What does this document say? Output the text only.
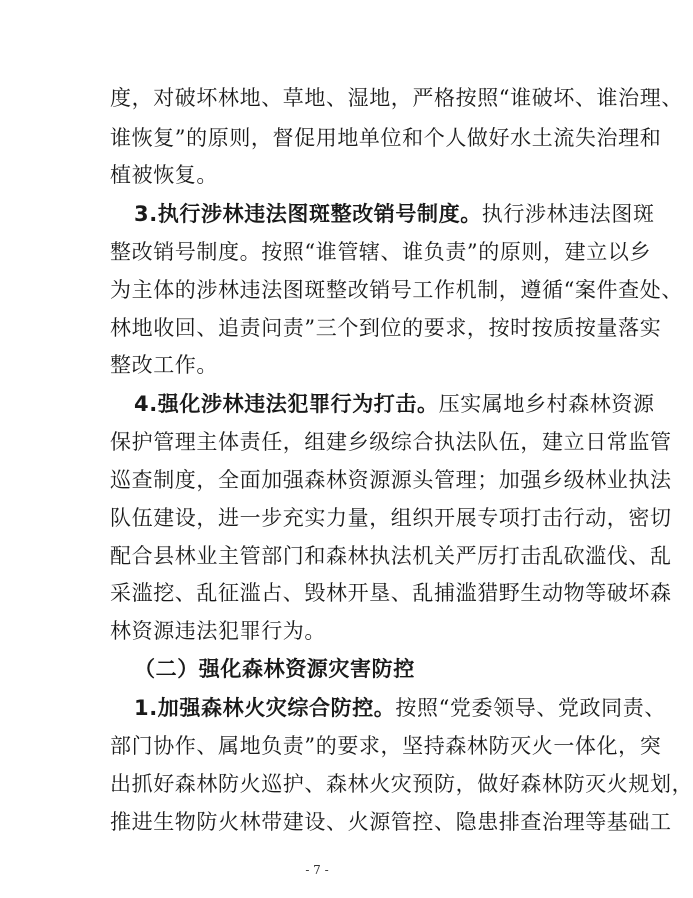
度，对破坏林地、草地、湿地，严格按照“谁破坏、谁治理、
谁恢复”的原则，督促用地单位和个人做好水土流失治理和
植被恢复。
3.执行涉林违法图斑整改销号制度。执行涉林违法图斑
整改销号制度。按照“谁管辖、谁负责”的原则，建立以乡
为主体的涉林违法图斑整改销号工作机制，遵循“案件查处、
林地收回、追责问责”三个到位的要求，按时按质按量落实
整改工作。
4.强化涉林违法犯罪行为打击。压实属地乡村森林资源
保护管理主体责任，组建乡级综合执法队伍，建立日常监管
巡查制度，全面加强森林资源源头管理；加强乡级林业执法
队伍建设，进一步充实力量，组织开展专项打击行动，密切
配合县林业主管部门和森林执法机关严厉打击乱砍滥伐、乱
采滥挖、乱征滥占、毁林开垦、乱捕滥猎野生动物等破坏森
林资源违法犯罪行为。
（二）强化森林资源灾害防控
1.加强森林火灾综合防控。按照“党委领导、党政同责、
部门协作、属地负责”的要求，坚持森林防灭火一体化，突
出抓好森林防火巡护、森林火灾预防，做好森林防灭火规划，
推进生物防火林带建设、火源管控、隐患排查治理等基础工
- 7 -
